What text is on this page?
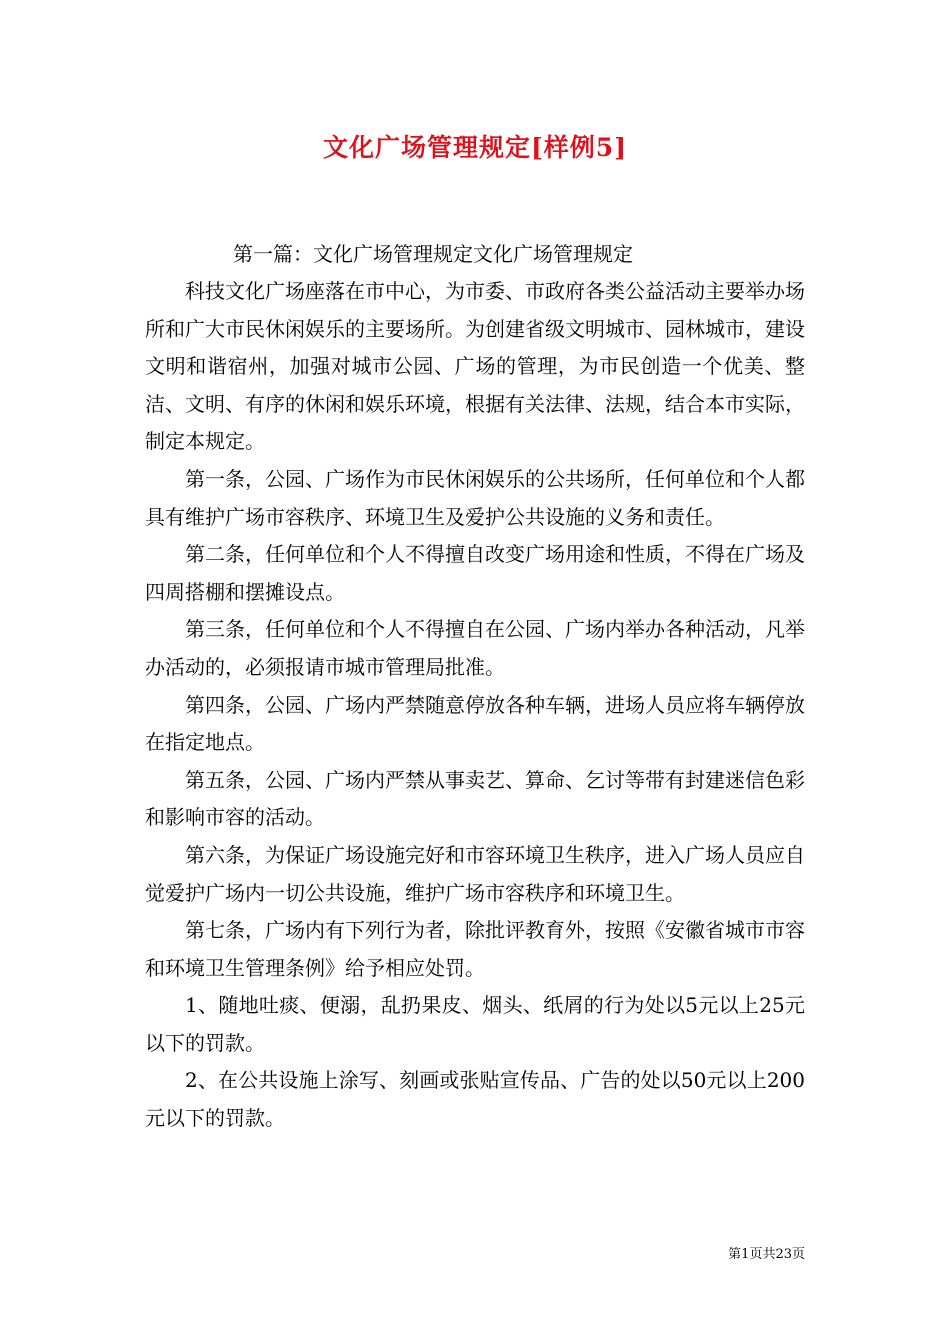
文化广场管理规定[样例5]

第一篇：文化广场管理规定文化广场管理规定

科技文化广场座落在市中心，为市委、市政府各类公益活动主要举办场所和广大市民休闲娱乐的主要场所。为创建省级文明城市、园林城市，建设文明和谐宿州，加强对城市公园、广场的管理，为市民创造一个优美、整洁、文明、有序的休闲和娱乐环境，根据有关法律、法规，结合本市实际，制定本规定。

第一条，公园、广场作为市民休闲娱乐的公共场所，任何单位和个人都具有维护广场市容秩序、环境卫生及爱护公共设施的义务和责任。

第二条，任何单位和个人不得擅自改变广场用途和性质，不得在广场及四周搭棚和摆摊设点。

第三条，任何单位和个人不得擅自在公园、广场内举办各种活动，凡举办活动的，必须报请市城市管理局批准。

第四条，公园、广场内严禁随意停放各种车辆，进场人员应将车辆停放在指定地点。

第五条，公园、广场内严禁从事卖艺、算命、乞讨等带有封建迷信色彩和影响市容的活动。

第六条，为保证广场设施完好和市容环境卫生秩序，进入广场人员应自觉爱护广场内一切公共设施，维护广场市容秩序和环境卫生。

第七条，广场内有下列行为者，除批评教育外，按照《安徽省城市市容和环境卫生管理条例》给予相应处罚。

1、随地吐痰、便溺，乱扔果皮、烟头、纸屑的行为处以5元以上25元以下的罚款。

2、在公共设施上涂写、刻画或张贴宣传品、广告的处以50元以上200元以下的罚款。

第1页共23页
